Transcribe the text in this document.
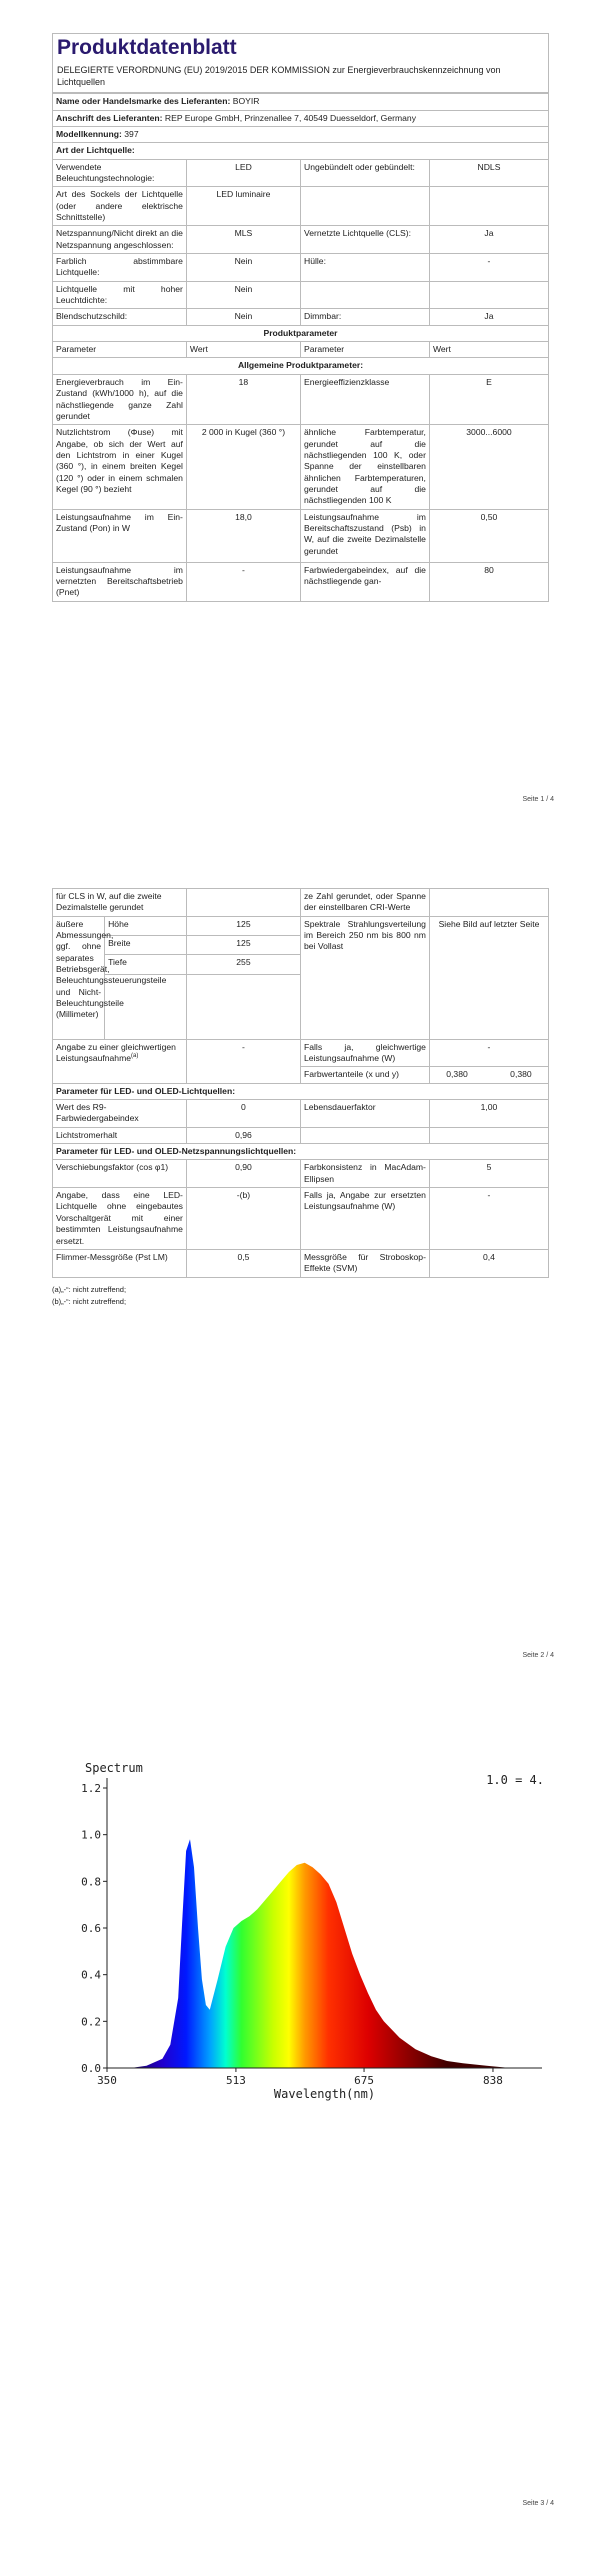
Produktdatenblatt
DELEGIERTE VERORDNUNG (EU) 2019/2015 DER KOMMISSION zur Energieverbrauchskennzeichnung von Lichtquellen
Name oder Handelsmarke des Lieferanten: BOYIR			
Anschrift des Lieferanten: REP Europe GmbH, Prinzenallee 7, 40549 Duesseldorf, Germany			
Modellkennung: 397			
Art der Lichtquelle:			
Verwendete Beleuchtungstechnologie:	LED	Ungebündelt oder gebündelt:	NDLS
Art des Sockels der Lichtquelle (oder andere elektrische Schnittstelle)	LED luminaire		
Netzspannung/Nicht direkt an die Netzspannung angeschlossen:	MLS	Vernetzte Lichtquelle (CLS):	Ja
Farblich abstimmbare Lichtquelle:	Nein	Hülle:	-
Lichtquelle mit hoher Leuchtdichte:	Nein		
Blendschutzschild:	Nein	Dimmbar:	Ja
Produktparameter			
Parameter	Wert	Parameter	Wert
Allgemeine Produktparameter:			
Energieverbrauch im Ein-Zustand (kWh/1000 h), auf die nächstliegende ganze Zahl gerundet	18	Energieeffizienzklasse	E
Nutzlichtstrom (Φuse) mit Angabe, ob sich der Wert auf den Lichtstrom in einer Kugel (360 °), in einem breiten Kegel (120 °) oder in einem schmalen Kegel (90 °) bezieht	2 000 in Kugel (360 °)	ähnliche Farbtemperatur, gerundet auf die nächstliegenden 100 K, oder Spanne der einstellbaren ähnlichen Farbtemperaturen, gerundet auf die nächstliegenden 100 K	3000...6000
Leistungsaufnahme im Ein-Zustand (Pon) in W	18,0	Leistungsaufnahme im Bereitschaftszustand (Psb) in W, auf die zweite Dezimalstelle gerundet	0,50
Leistungsaufnahme im vernetzten Bereitschaftsbetrieb (Pnet)	-	Farbwiedergabeindex, auf die nächstliegende gan-	80
Seite 1 / 4
für CLS in W, auf die zweite Dezimalstelle gerundet			ze Zahl gerundet, oder Spanne der einstellbaren CRI-Werte	
äußere Abmessungen, ggf. ohne separates Betriebsgerät, Beleuchtungssteuerungsteile und Nicht-Beleuchtungsteile (Millimeter)	Höhe	125	Spektrale Strahlungsverteilung im Bereich 250 nm bis 800 nm bei Vollast	Siehe Bild auf letzter Seite
	Breite	125		
	Tiefe	255		

Angabe zu einer gleichwertigen Leistungsaufnahme$^{(a)}$		-	Falls ja, gleichwertige Leistungsaufnahme (W)	-
			Farbwertanteile (x und y)	0,380 0,380
Parameter für LED- und OLED-Lichtquellen:				
Wert des R9-Farbwiedergabeindex		0	Lebensdauerfaktor	1,00
Lichtstromerhalt		0,96		
Parameter für LED- und OLED-Netzspannungslichtquellen:				
Verschiebungsfaktor (cos φ1)		0,90	Farbkonsistenz in MacAdam-Ellipsen	5
Angabe, dass eine LED-Lichtquelle ohne eingebautes Vorschaltgerät mit einer bestimmten Leistungsaufnahme ersetzt.		-(b)	Falls ja, Angabe zur ersetzten Leistungsaufnahme (W)	-
Flimmer-Messgröße (Pst LM)		0,5	Messgröße für Stroboskop-Effekte (SVM)	0,4
(a)„-“: nicht zutreffend;
(b)„-“: nicht zutreffend;
Seite 2 / 4
0.0
0.2
0.4
0.6
0.8
1.0
1.2
350	513	675	838
Spectrum
1.0 = 4.
Wavelength(nm)
Seite 3 / 4
